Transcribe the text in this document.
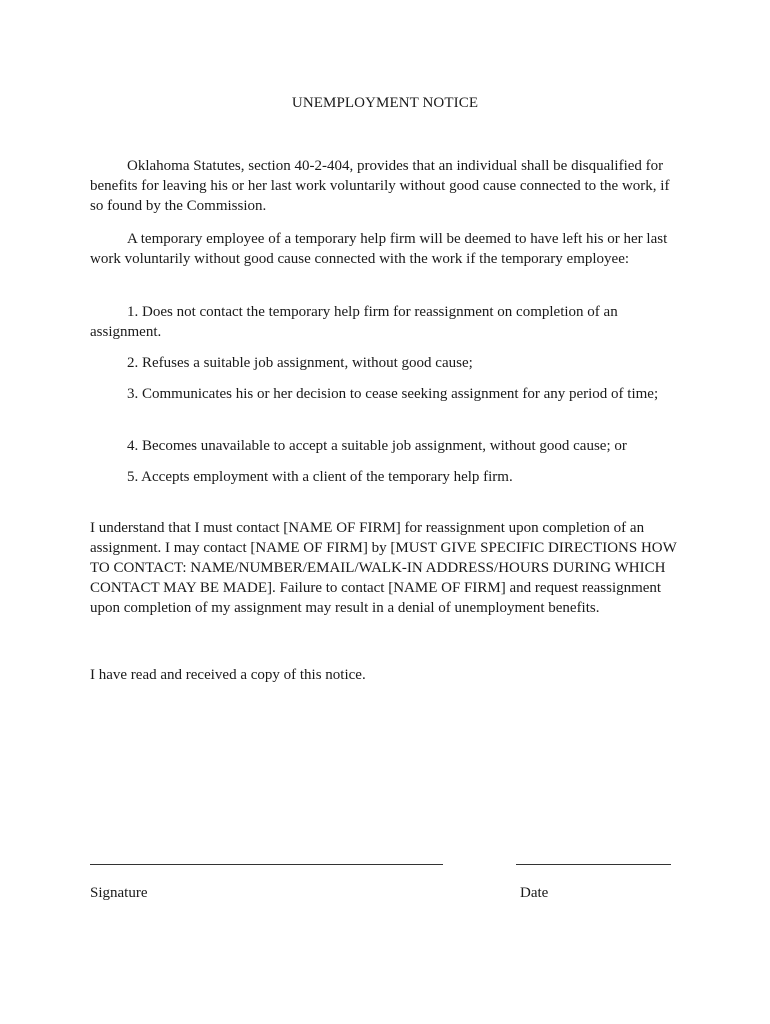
UNEMPLOYMENT NOTICE

Oklahoma Statutes, section 40-2-404, provides that an individual shall be disqualified for benefits for leaving his or her last work voluntarily without good cause connected to the work, if so found by the Commission.

A temporary employee of a temporary help firm will be deemed to have left his or her last work voluntarily without good cause connected with the work if the temporary employee:

1. Does not contact the temporary help firm for reassignment on completion of an assignment.

2. Refuses a suitable job assignment, without good cause;

3. Communicates his or her decision to cease seeking assignment for any period of time;

4. Becomes unavailable to accept a suitable job assignment, without good cause; or

5. Accepts employment with a client of the temporary help firm.

I understand that I must contact [NAME OF FIRM] for reassignment upon completion of an assignment. I may contact [NAME OF FIRM] by [MUST GIVE SPECIFIC DIRECTIONS HOW TO CONTACT: NAME/NUMBER/EMAIL/WALK-IN ADDRESS/HOURS DURING WHICH CONTACT MAY BE MADE]. Failure to contact [NAME OF FIRM] and request reassignment upon completion of my assignment may result in a denial of unemployment benefits.

I have read and received a copy of this notice.

Signature	Date
